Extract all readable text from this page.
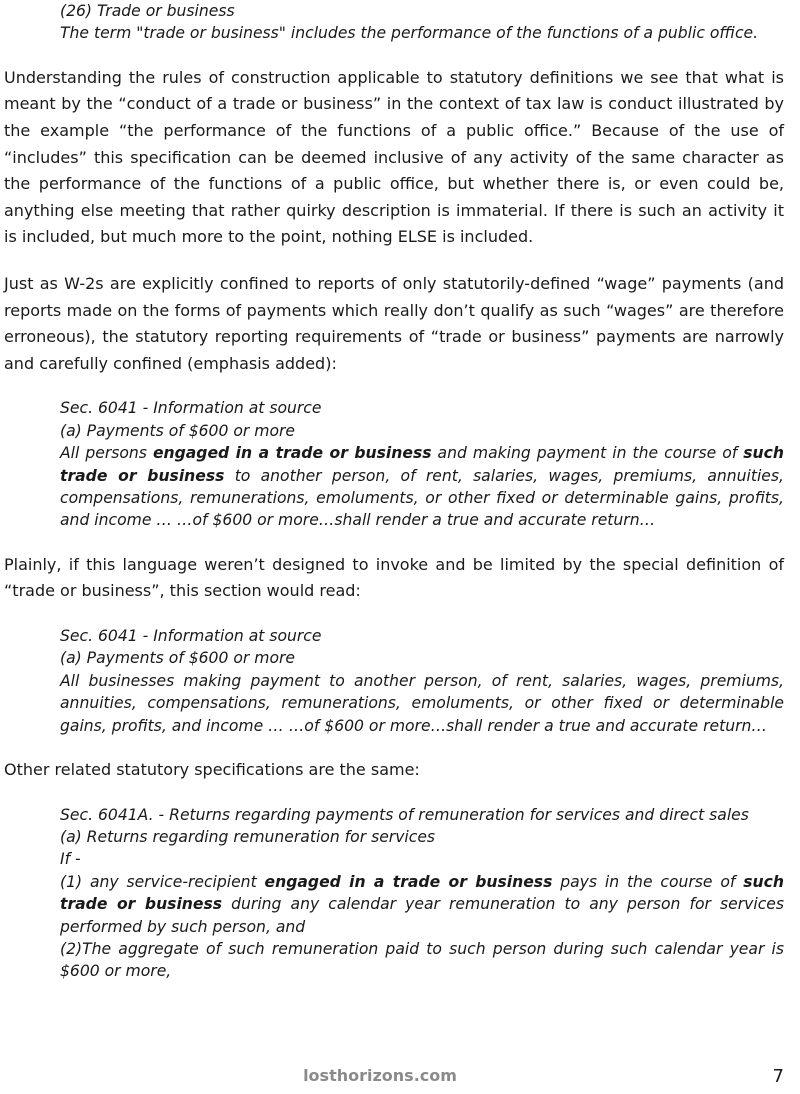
(26) Trade or business

The term "trade or business" includes the performance of the functions of a public office.

Understanding the rules of construction applicable to statutory definitions we see that what is meant by the “conduct of a trade or business” in the context of tax law is conduct illustrated by the example “the performance of the functions of a public office.” Because of the use of “includes” this specification can be deemed inclusive of any activity of the same character as the performance of the functions of a public office, but whether there is, or even could be, anything else meeting that rather quirky description is immaterial. If there is such an activity it is included, but much more to the point, nothing ELSE is included.

Just as W-2s are explicitly confined to reports of only statutorily-defined “wage” payments (and reports made on the forms of payments which really don’t qualify as such “wages” are therefore erroneous), the statutory reporting requirements of “trade or business” payments are narrowly and carefully confined (emphasis added):

Sec. 6041 - Information at source

(a) Payments of $600 or more

All persons engaged in a trade or business and making payment in the course of such trade or business to another person, of rent, salaries, wages, premiums, annuities, compensations, remunerations, emoluments, or other fixed or determinable gains, profits, and income … …of $600 or more…shall render a true and accurate return…

Plainly, if this language weren’t designed to invoke and be limited by the special definition of “trade or business”, this section would read:

Sec. 6041 - Information at source

(a) Payments of $600 or more

All businesses making payment to another person, of rent, salaries, wages, premiums, annuities, compensations, remunerations, emoluments, or other fixed or determinable gains, profits, and income … …of $600 or more…shall render a true and accurate return…

Other related statutory specifications are the same:

Sec. 6041A. - Returns regarding payments of remuneration for services and direct sales

(a) Returns regarding remuneration for services

If -

(1) any service-recipient engaged in a trade or business pays in the course of such trade or business during any calendar year remuneration to any person for services performed by such person, and

(2)The aggregate of such remuneration paid to such person during such calendar year is $600 or more,

losthorizons.com	7
